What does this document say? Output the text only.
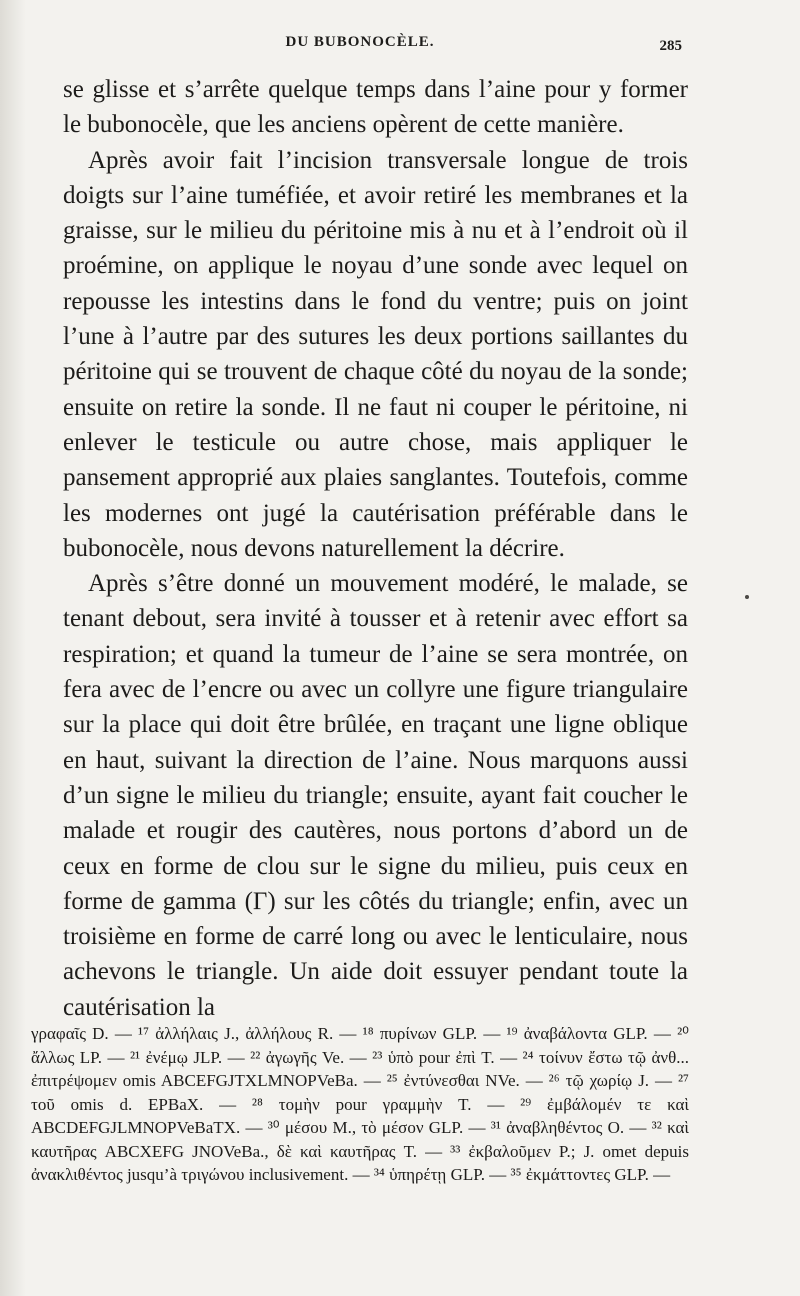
DU BUBONOCÈLE.	285

se glisse et s’arrête quelque temps dans l’aine pour y former le bubonocèle, que les anciens opèrent de cette manière.

Après avoir fait l’incision transversale longue de trois doigts sur l’aine tuméfiée, et avoir retiré les membranes et la graisse, sur le milieu du péritoine mis à nu et à l’endroit où il proémine, on applique le noyau d’une sonde avec lequel on repousse les intestins dans le fond du ventre; puis on joint l’une à l’autre par des sutures les deux portions saillantes du péritoine qui se trouvent de chaque côté du noyau de la sonde; ensuite on retire la sonde. Il ne faut ni couper le péritoine, ni enlever le testicule ou autre chose, mais appliquer le pansement approprié aux plaies sanglantes. Toutefois, comme les modernes ont jugé la cautérisation préférable dans le bubonocèle, nous devons naturellement la décrire.

Après s’être donné un mouvement modéré, le malade, se tenant debout, sera invité à tousser et à retenir avec effort sa respiration; et quand la tumeur de l’aine se sera montrée, on fera avec de l’encre ou avec un collyre une figure triangulaire sur la place qui doit être brûlée, en traçant une ligne oblique en haut, suivant la direction de l’aine. Nous marquons aussi d’un signe le milieu du triangle; ensuite, ayant fait coucher le malade et rougir des cautères, nous portons d’abord un de ceux en forme de clou sur le signe du milieu, puis ceux en forme de gamma (Γ) sur les côtés du triangle; enfin, avec un troisième en forme de carré long ou avec le lenticulaire, nous achevons le triangle. Un aide doit essuyer pendant toute la cautérisation la

γραφαῖς D. — ¹⁷ ἀλλήλαις J., ἀλλήλους R. — ¹⁸ πυρίνων GLP. — ¹⁹ ἀναβάλοντα GLP. — ²⁰ ἄλλως LP. — ²¹ ἐνέμῳ JLP. — ²² ἀγωγῆς Ve. — ²³ ὑπὸ pour ἐπὶ T. — ²⁴ τοίνυν ἔστω τῷ ἀνθ... ἐπιτρέψομεν omis ABCEFGJTXLMNOPVeBa. — ²⁵ ἐντύνεσθαι NVe. — ²⁶ τῷ χωρίῳ J. — ²⁷ τοῦ omis d. EPBaX. — ²⁸ τομὴν pour γραμμὴν T. — ²⁹ ἐμβάλομέν τε καὶ ABCDEFGJLMNOPVeBaTX. — ³⁰ μέσου M., τὸ μέσον GLP. — ³¹ ἀναβληθέντος O. — ³² καὶ καυτῆρας ABCXEFG JNOVeBa., δὲ καὶ καυτῆρας T. — ³³ ἐκβαλοῦμεν P.; J. omet depuis ἀνακλιθέντος jusqu’à τριγώνου inclusivement. — ³⁴ ὑπηρέτῃ GLP. — ³⁵ ἐκμάττοντες GLP. —
